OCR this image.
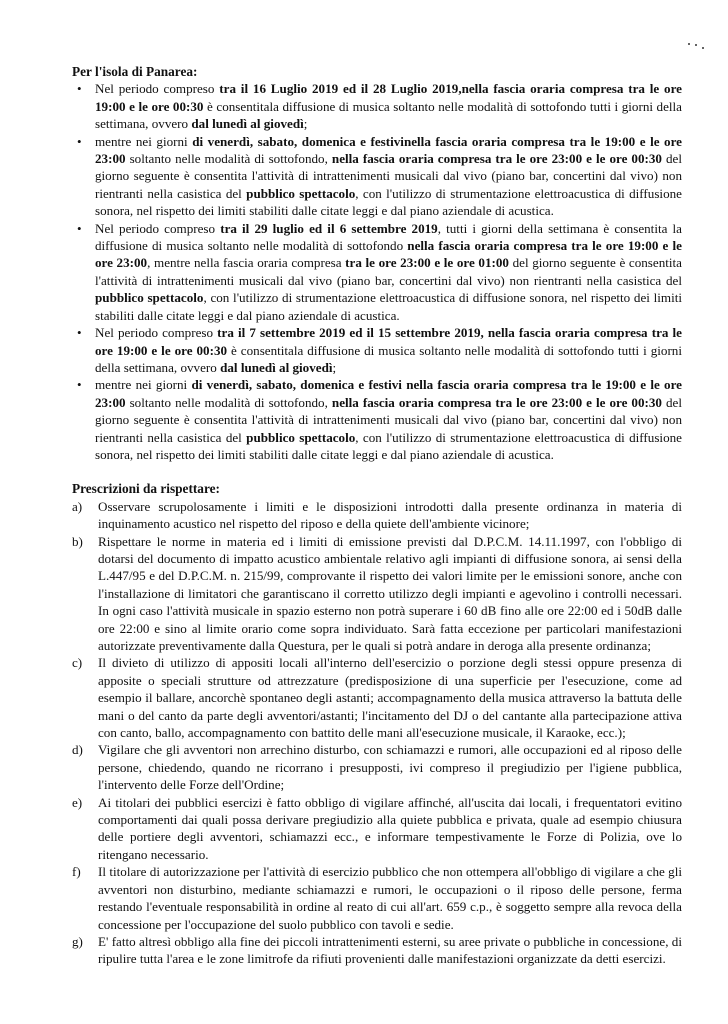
Per l'isola di Panarea:
• Nel periodo compreso tra il 16 Luglio 2019 ed il 28 Luglio 2019,nella fascia oraria compresa tra le ore 19:00 e le ore 00:30 è consentitala diffusione di musica soltanto nelle modalità di sottofondo tutti i giorni della settimana, ovvero dal lunedì al giovedì;
• mentre nei giorni di venerdì, sabato, domenica e festivinella fascia oraria compresa tra le 19:00 e le ore 23:00 soltanto nelle modalità di sottofondo, nella fascia oraria compresa tra le ore 23:00 e le ore 00:30 del giorno seguente è consentita l'attività di intrattenimenti musicali dal vivo (piano bar, concertini dal vivo) non rientranti nella casistica del pubblico spettacolo, con l'utilizzo di strumentazione elettroacustica di diffusione sonora, nel rispetto dei limiti stabiliti dalle citate leggi e dal piano aziendale di acustica.
• Nel periodo compreso tra il 29 luglio ed il 6 settembre 2019, tutti i giorni della settimana è consentita la diffusione di musica soltanto nelle modalità di sottofondo nella fascia oraria compresa tra le ore 19:00 e le ore 23:00, mentre nella fascia oraria compresa tra le ore 23:00 e le ore 01:00 del giorno seguente è consentita l'attività di intrattenimenti musicali dal vivo (piano bar, concertini dal vivo) non rientranti nella casistica del pubblico spettacolo, con l'utilizzo di strumentazione elettroacustica di diffusione sonora, nel rispetto dei limiti stabiliti dalle citate leggi e dal piano aziendale di acustica.
• Nel periodo compreso tra il 7 settembre 2019 ed il 15 settembre 2019, nella fascia oraria compresa tra le ore 19:00 e le ore 00:30 è consentitala diffusione di musica soltanto nelle modalità di sottofondo tutti i giorni della settimana, ovvero dal lunedì al giovedì;
• mentre nei giorni di venerdì, sabato, domenica e festivi nella fascia oraria compresa tra le 19:00 e le ore 23:00 soltanto nelle modalità di sottofondo, nella fascia oraria compresa tra le ore 23:00 e le ore 00:30 del giorno seguente è consentita l'attività di intrattenimenti musicali dal vivo (piano bar, concertini dal vivo) non rientranti nella casistica del pubblico spettacolo, con l'utilizzo di strumentazione elettroacustica di diffusione sonora, nel rispetto dei limiti stabiliti dalle citate leggi e dal piano aziendale di acustica.
Prescrizioni da rispettare:
a) Osservare scrupolosamente i limiti e le disposizioni introdotti dalla presente ordinanza in materia di inquinamento acustico nel rispetto del riposo e della quiete dell'ambiente vicinore;
b) Rispettare le norme in materia ed i limiti di emissione previsti dal D.P.C.M. 14.11.1997, con l'obbligo di dotarsi del documento di impatto acustico ambientale relativo agli impianti di diffusione sonora, ai sensi della L.447/95 e del D.P.C.M. n. 215/99, comprovante il rispetto dei valori limite per le emissioni sonore, anche con l'installazione di limitatori che garantiscano il corretto utilizzo degli impianti e agevolino i controlli necessari. In ogni caso l'attività musicale in spazio esterno non potrà superare i 60 dB fino alle ore 22:00 ed i 50dB dalle ore 22:00 e sino al limite orario come sopra individuato. Sarà fatta eccezione per particolari manifestazioni autorizzate preventivamente dalla Questura, per le quali si potrà andare in deroga alla presente ordinanza;
c) Il divieto di utilizzo di appositi locali all'interno dell'esercizio o porzione degli stessi oppure presenza di apposite o speciali strutture od attrezzature (predisposizione di una superficie per l'esecuzione, come ad esempio il ballare, ancorchè spontaneo degli astanti; accompagnamento della musica attraverso la battuta delle mani o del canto da parte degli avventori/astanti; l'incitamento del DJ o del cantante alla partecipazione attiva con canto, ballo, accompagnamento con battito delle mani all'esecuzione musicale, il Karaoke, ecc.);
d) Vigilare che gli avventori non arrechino disturbo, con schiamazzi e rumori, alle occupazioni ed al riposo delle persone, chiedendo, quando ne ricorrano i presupposti, ivi compreso il pregiudizio per l'igiene pubblica, l'intervento delle Forze dell'Ordine;
e) Ai titolari dei pubblici esercizi è fatto obbligo di vigilare affinché, all'uscita dai locali, i frequentatori evitino comportamenti dai quali possa derivare pregiudizio alla quiete pubblica e privata, quale ad esempio chiusura delle portiere degli avventori, schiamazzi ecc., e informare tempestivamente le Forze di Polizia, ove lo ritengano necessario.
f) Il titolare di autorizzazione per l'attività di esercizio pubblico che non ottempera all'obbligo di vigilare a che gli avventori non disturbino, mediante schiamazzi e rumori, le occupazioni o il riposo delle persone, ferma restando l'eventuale responsabilità in ordine al reato di cui all'art. 659 c.p., è soggetto sempre alla revoca della concessione per l'occupazione del suolo pubblico con tavoli e sedie.
g) E' fatto altresì obbligo alla fine dei piccoli intrattenimenti esterni, su aree private o pubbliche in concessione, di ripulire tutta l'area e le zone limitrofe da rifiuti provenienti dalle manifestazioni organizzate da detti esercizi.
